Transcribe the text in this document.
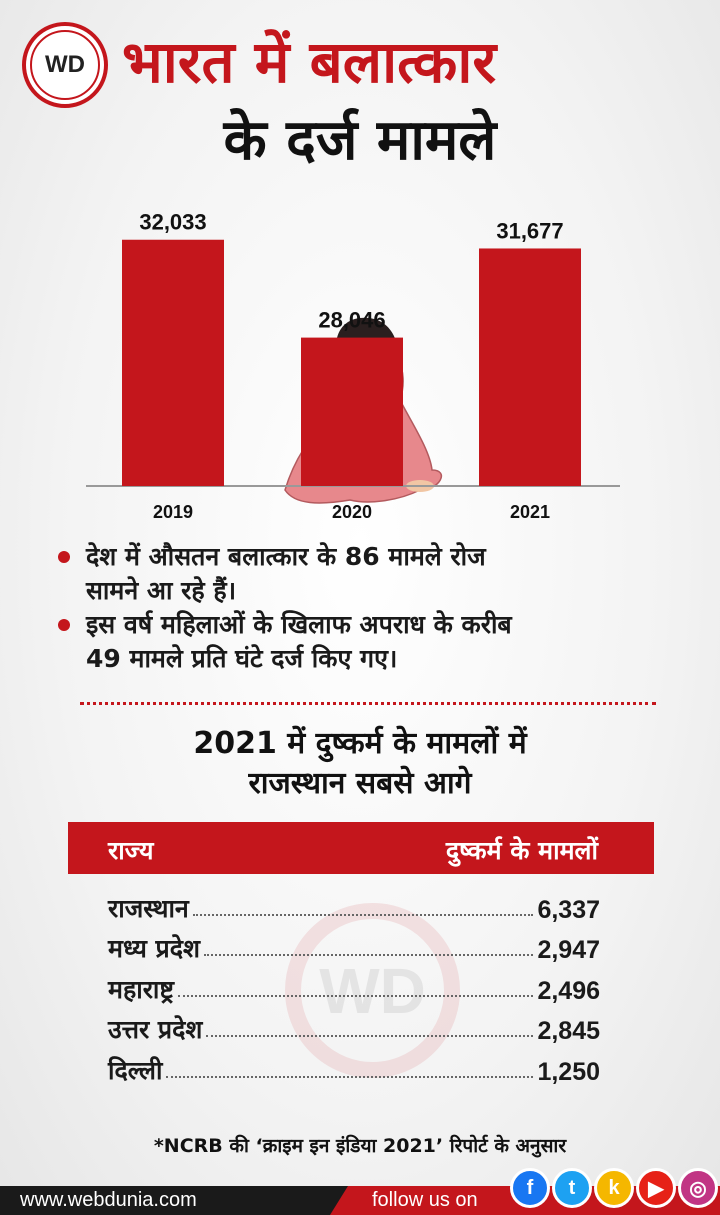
WD भारत में बलात्कार
के दर्ज मामले
32,033
2019
28,046
2020
31,677
2021
देश में औसतन बलात्कार के 86 मामले रोज
सामने आ रहे हैं।
इस वर्ष महिलाओं के खिलाफ अपराध के करीब
49 मामले प्रति घंटे दर्ज किए गए।
2021 में दुष्कर्म के मामलों में
राजस्थान सबसे आगे
राज्य	दुष्कर्म के मामलों
WD
राजस्थान	6,337
मध्य प्रदेश	2,947
महाराष्ट्र	2,496
उत्तर प्रदेश	2,845
दिल्ली	1,250
*NCRB की ‘क्राइम इन इंडिया 2021’ रिपोर्ट के अनुसार
www.webdunia.com	follow us on
f	t	k	▶	◎
